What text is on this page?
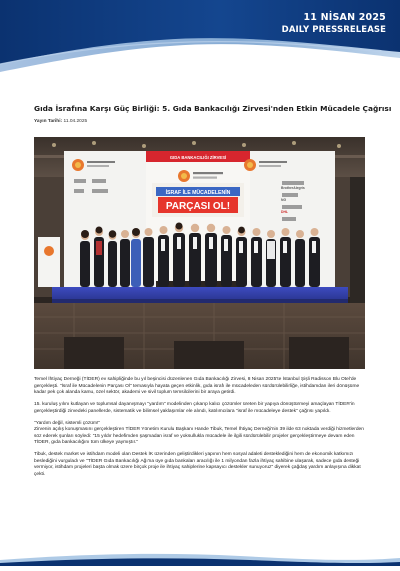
11 NİSAN 2025
DAILY PRESSRELEASE
Gıda İsrafına Karşı Güç Birliği: 5. Gıda Bankacılığı Zirvesi'nden Etkin Mücadele Çağrısı
Yayın Tarihi: 11.04.2025
GIDA BANKACILIĞI ZİRVESİ
BrotherAlegris
NG
DHL
İSRAF İLE MÜCADELENİN
PARÇASI OL!

Temel İhtiyaç Derneği (TİDER) ev sahipliğinde bu yıl beşincisi düzenlenen Gıda Bankacılığı Zirvesi, 8 Nisan 2025'te İstanbul Şişli Radisson Blu Otel'de gerçekleşti. "İsraf ile Mücadelenin Parçası Ol" temasıyla hayata geçen etkinlik, gıda israfı ile mücadeleden sürdürülebilirliğe, istihdamdan ileri dönüşüme kadar pek çok alanda kamu, özel sektör, akademi ve sivil toplum temsilcilerini bir araya getirdi.

15. kuruluş yılını kutlayan ve toplumsal dayanışmayı "yardım" modelinden çıkarıp kalıcı çözümler üreten bir yapıya dönüştürmeyi amaçlayan TİDER'in gerçekleştirdiği zirvedeki panellerde, sistematik ve bilimsel yaklaşımlar ele alındı, katılımcılara "israf ile mücadeleye destek" çağrısı yapıldı.

"Yardım değil, sistemli çözüm!"

Zirvenin açılış konuşmasını gerçekleştiren TİDER Yönetim Kurulu Başkanı Hande Tibuk, Temel İhtiyaç Derneği'nin 39 ilde 63 noktada verdiği hizmetlerden söz ederek şunları söyledi: "15 yıldır hedefimden şaşmadan israf ve yoksullukla mücadele ile ilgili sürdürülebilir projeler gerçekleştirmeye devam eden TİDER, gıda bankacılığını tüm ülkeye yaymıştır."

Tibuk, destek market ve istihdam modeli olan Destek İK üzerinden geliştirdikleri yapının hem sosyal adaleti desteklediğini hem de ekonomik katkımızı beslediğini vurguladı ve "TİDER Gıda Bankacılığı Ağı'na üye gıda bankaları aracılığı ile 1 milyondan fazla ihtiyaç sahibine ulaşarak, sadece gıda desteği vermiyor, istihdam projeleri başta olmak üzere birçok proje ile ihtiyaç sahiplerine kapsayıcı destekler sunuyoruz" diyerek çağdaş yardım anlayışına dikkat çekti.
